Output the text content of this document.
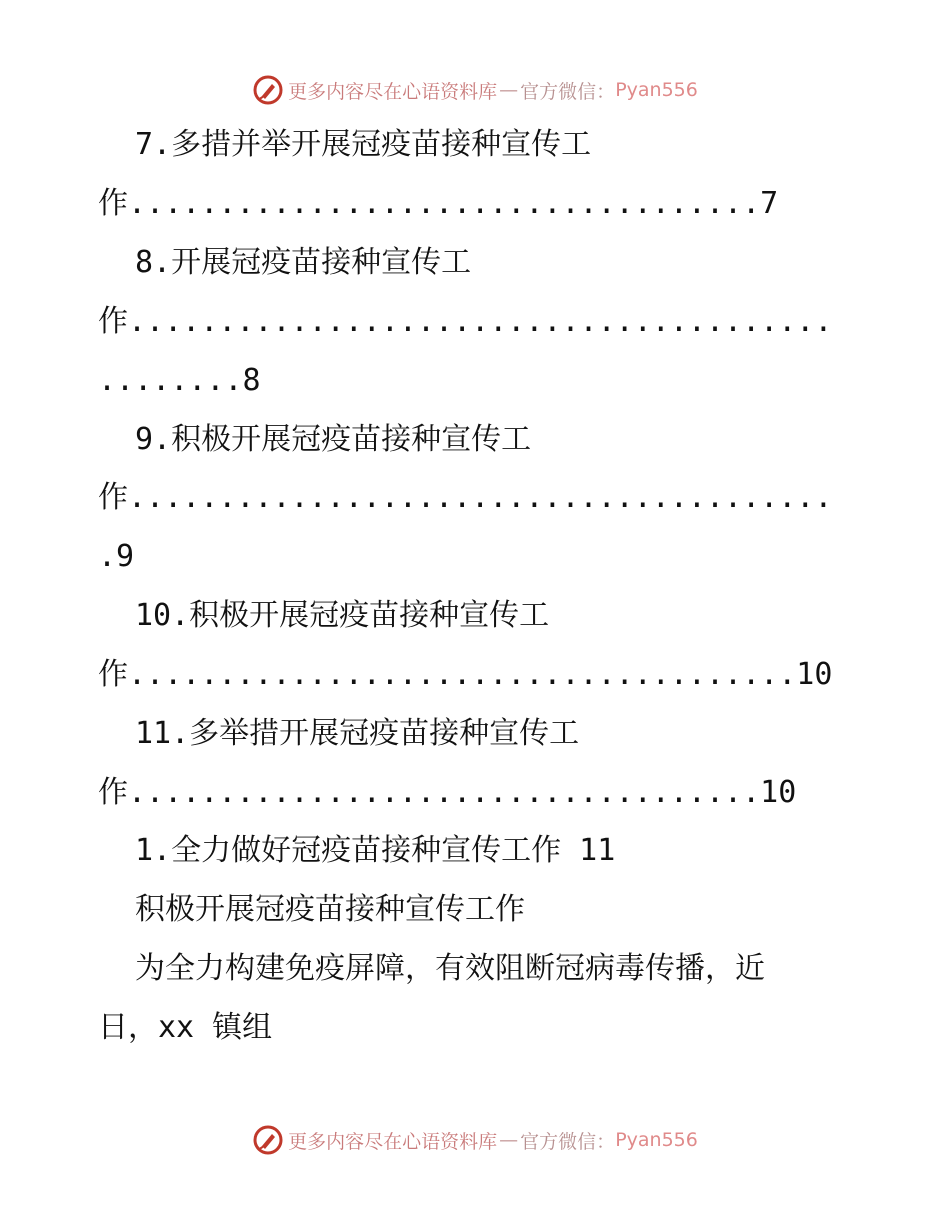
更多内容尽在心语资料库 — 官方微信： Pyan556
7.多措并举开展冠疫苗接种宣传工
作...................................7
8.开展冠疫苗接种宣传工
作.......................................
........8
9.积极开展冠疫苗接种宣传工
作.......................................
.9
10.积极开展冠疫苗接种宣传工
作.....................................10
11.多举措开展冠疫苗接种宣传工
作...................................10
1.全力做好冠疫苗接种宣传工作 11
积极开展冠疫苗接种宣传工作
为全力构建免疫屏障，有效阻断冠病毒传播，近
日，xx 镇组
更多内容尽在心语资料库 — 官方微信： Pyan556
